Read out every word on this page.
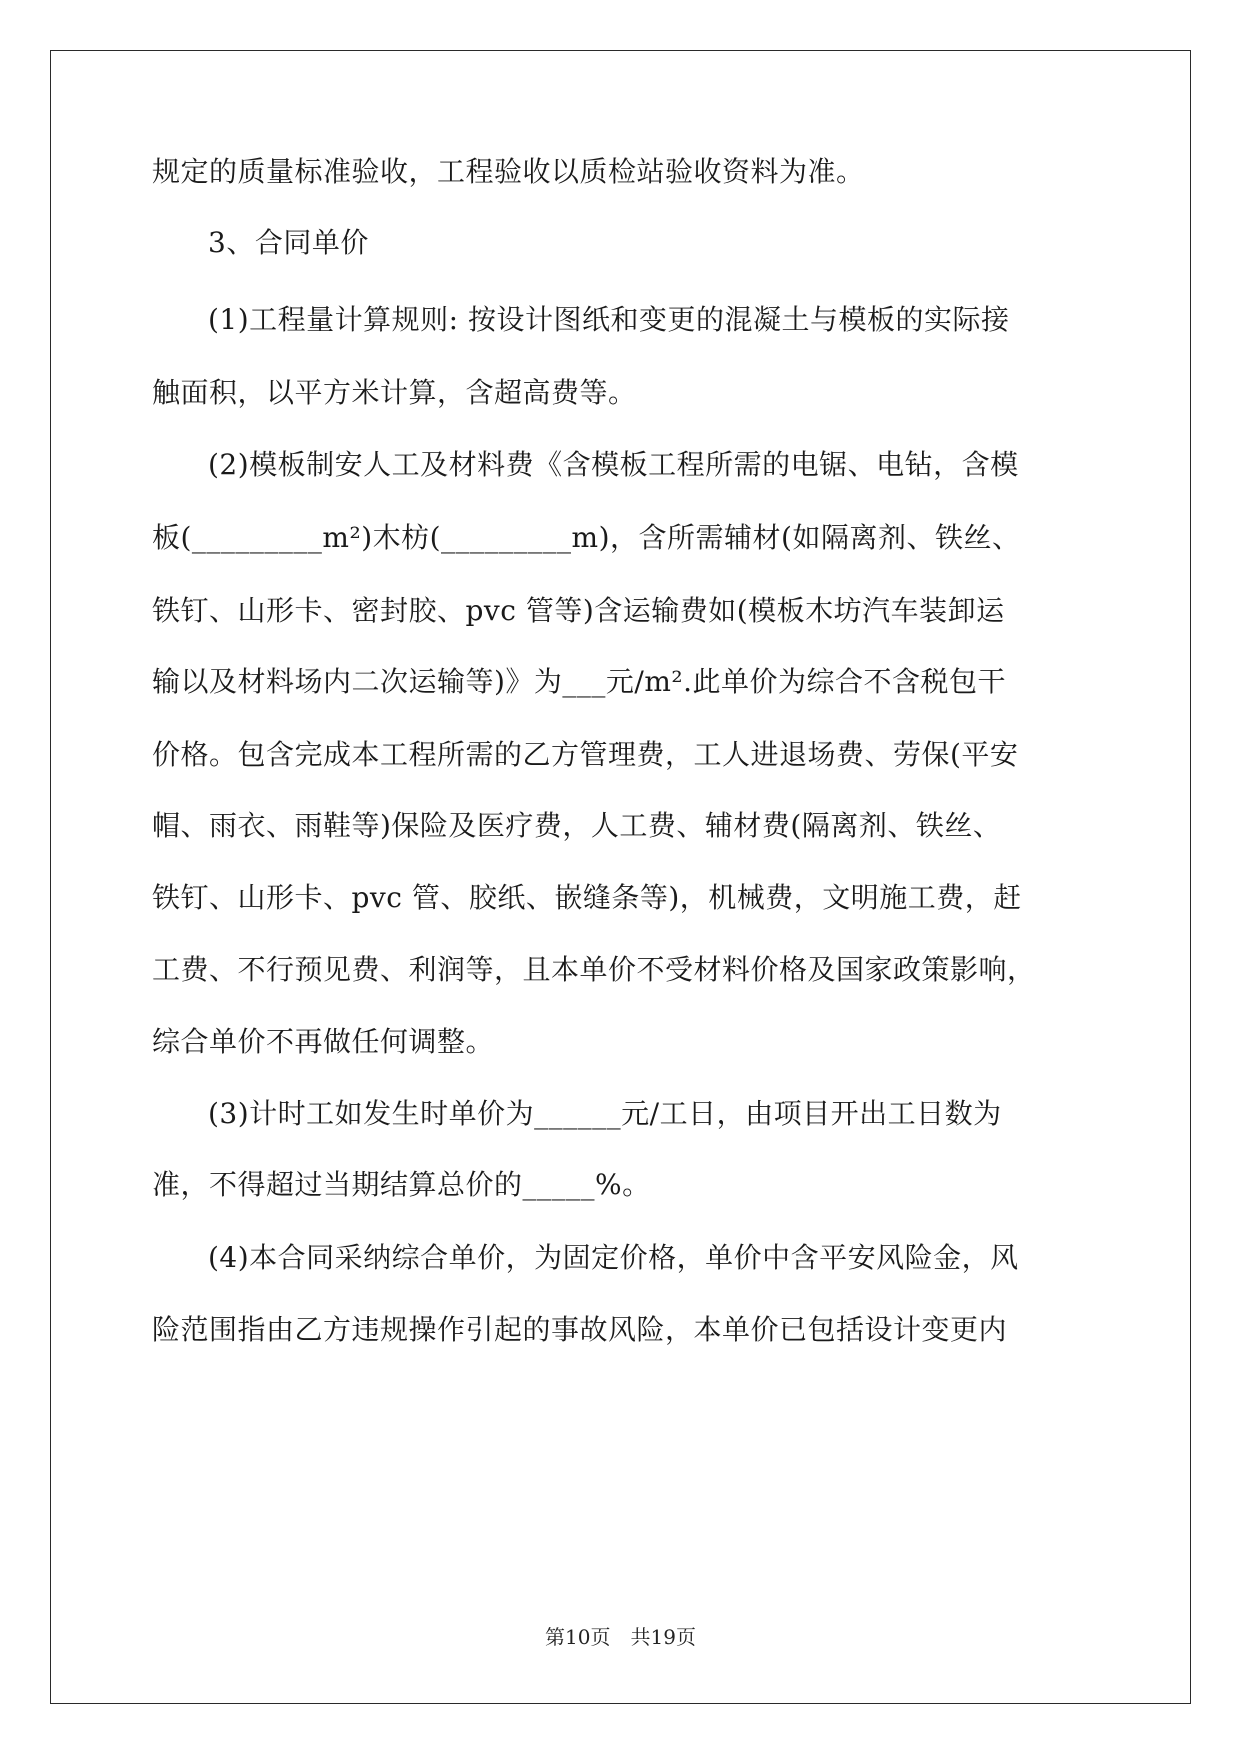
规定的质量标准验收，工程验收以质检站验收资料为准。
3、合同单价
(1)工程量计算规则: 按设计图纸和变更的混凝土与模板的实际接
触面积，以平方米计算，含超高费等。
(2)模板制安人工及材料费《含模板工程所需的电锯、电钻，含模
板(_________m²)木枋(_________m)，含所需辅材(如隔离剂、铁丝、
铁钉、山形卡、密封胶、pvc 管等)含运输费如(模板木坊汽车装卸运
输以及材料场内二次运输等)》为___元/m².此单价为综合不含税包干
价格。包含完成本工程所需的乙方管理费，工人进退场费、劳保(平安
帽、雨衣、雨鞋等)保险及医疗费，人工费、辅材费(隔离剂、铁丝、
铁钉、山形卡、pvc 管、胶纸、嵌缝条等)，机械费，文明施工费，赶
工费、不行预见费、利润等，且本单价不受材料价格及国家政策影响，
综合单价不再做任何调整。
(3)计时工如发生时单价为______元/工日，由项目开出工日数为
准，不得超过当期结算总价的_____%。
(4)本合同采纳综合单价，为固定价格，单价中含平安风险金，风
险范围指由乙方违规操作引起的事故风险，本单价已包括设计变更内
第10页　共19页
